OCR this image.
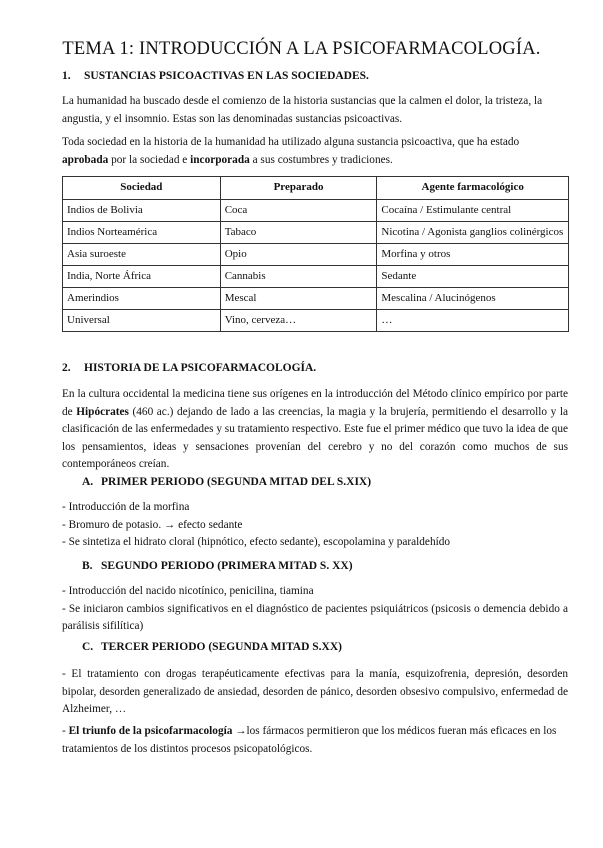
TEMA 1: INTRODUCCIÓN A LA PSICOFARMACOLOGÍA.
1. SUSTANCIAS PSICOACTIVAS EN LAS SOCIEDADES.

La humanidad ha buscado desde el comienzo de la historia sustancias que la calmen el dolor, la tristeza, la angustia, y el insomnio. Estas son las denominadas sustancias psicoactivas.

Toda sociedad en la historia de la humanidad ha utilizado alguna sustancia psicoactiva, que ha estado aprobada por la sociedad e incorporada a sus costumbres y tradiciones.

Sociedad	Preparado	Agente farmacológico
Indios de Bolivia	Coca	Cocaína / Estimulante central
Indios Norteamérica	Tabaco	Nicotina / Agonista ganglios colinérgicos
Asia suroeste	Opio	Morfina y otros
India, Norte África	Cannabis	Sedante
Amerindios	Mescal	Mescalina / Alucinógenos
Universal	Vino, cerveza…	…
2. HISTORIA DE LA PSICOFARMACOLOGÍA.

En la cultura occidental la medicina tiene sus orígenes en la introducción del Método clínico empírico por parte de Hipócrates (460 ac.) dejando de lado a las creencias, la magia y la brujería, permitiendo el desarrollo y la clasificación de las enfermedades y su tratamiento respectivo. Este fue el primer médico que tuvo la idea de que los pensamientos, ideas y sensaciones provenían del cerebro y no del corazón como muchos de sus contemporáneos creían.

A. PRIMER PERIODO (SEGUNDA MITAD DEL S.XIX)

- Introducción de la morfina

- Bromuro de potasio. → efecto sedante

- Se sintetiza el hidrato cloral (hipnótico, efecto sedante), escopolamina y paraldehído

B. SEGUNDO PERIODO (PRIMERA MITAD S. XX)

- Introducción del nacido nicotínico, penicilina, tiamina

- Se iniciaron cambios significativos en el diagnóstico de pacientes psiquiátricos (psicosis o demencia debido a parálisis sifilítica)

C. TERCER PERIODO (SEGUNDA MITAD S.XX)

- El tratamiento con drogas terapéuticamente efectivas para la manía, esquizofrenia, depresión, desorden bipolar, desorden generalizado de ansiedad, desorden de pánico, desorden obsesivo compulsivo, enfermedad de Alzheimer, …

- El triunfo de la psicofarmacología →los fármacos permitieron que los médicos fueran más eficaces en los tratamientos de los distintos procesos psicopatológicos.
